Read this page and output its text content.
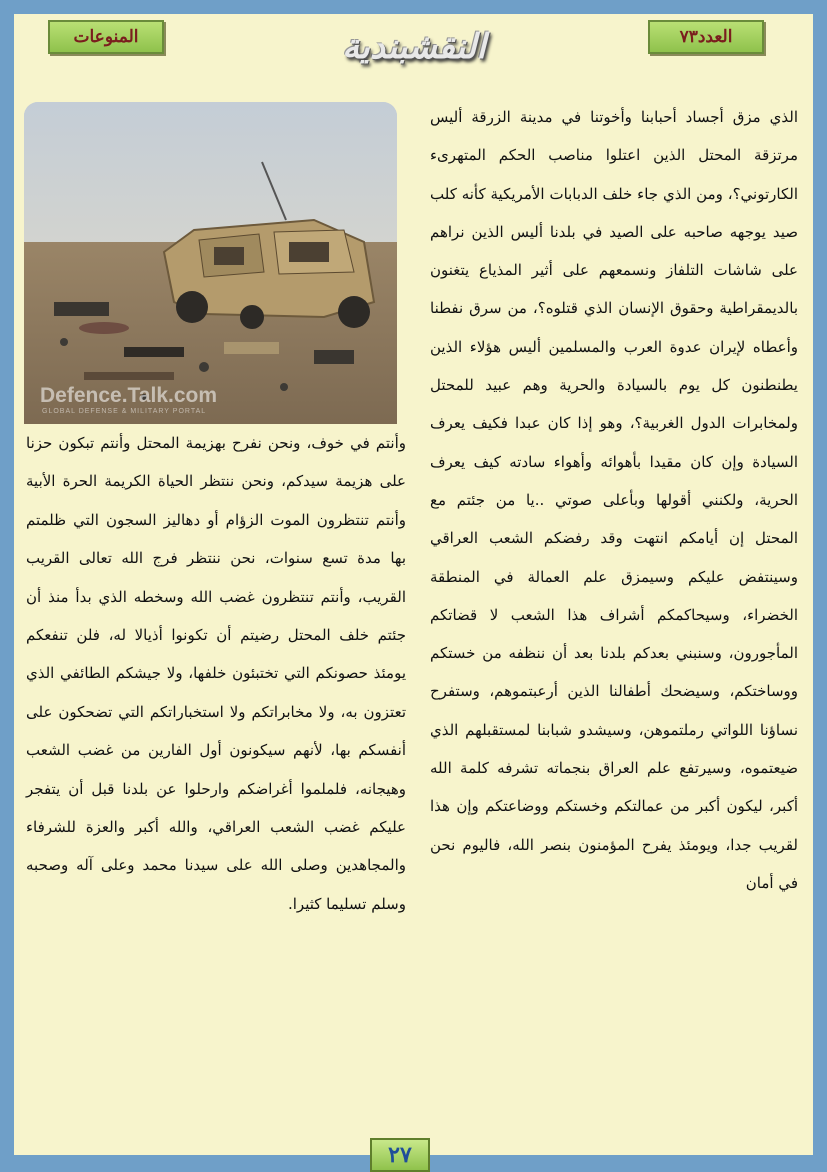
المنوعات	النقشبندية	العدد٧٣
Defence.Talk.com
GLOBAL DEFENSE & MILITARY PORTAL

الذي مزق أجساد أحبابنا وأخوتنا في مدينة الزرقة أليس مرتزقة المحتل الذين اعتلوا مناصب الحكم المتهرىء الكارتوني؟، ومن الذي جاء خلف الدبابات الأمريكية كأنه كلب صيد يوجهه صاحبه على الصيد في بلدنا أليس الذين نراهم على شاشات التلفاز ونسمعهم على أثير المذياع يتغنون بالديمقراطية وحقوق الإنسان الذي قتلوه؟، من سرق نفطنا وأعطاه لإيران عدوة العرب والمسلمين أليس هؤلاء الذين يطنطنون كل يوم بالسيادة والحرية وهم عبيد للمحتل ولمخابرات الدول الغربية؟، وهو إذا كان عبدا فكيف يعرف السيادة وإن كان مقيدا بأهوائه وأهواء سادته كيف يعرف الحرية، ولكنني أقولها وبأعلى صوتي ..يا من جئتم مع المحتل إن أيامكم انتهت وقد رفضكم الشعب العراقي وسينتفض عليكم وسيمزق علم العمالة في المنطقة الخضراء، وسيحاكمكم أشراف هذا الشعب لا قضاتكم المأجورون، وسنبني بعدكم بلدنا بعد أن ننظفه من خستكم ووساختكم، وسيضحك أطفالنا الذين أرعبتموهم، وستفرح نساؤنا اللواتي رملتموهن، وسيشدو شبابنا لمستقبلهم الذي ضيعتموه، وسيرتفع علم العراق بنجماته تشرفه كلمة الله أكبر، ليكون أكبر من عمالتكم وخستكم ووضاعتكم وإن هذا لقريب جدا، ويومئذ يفرح المؤمنون بنصر الله، فاليوم نحن في أمان

وأنتم في خوف، ونحن نفرح بهزيمة المحتل وأنتم تبكون حزنا على هزيمة سيدكم، ونحن ننتظر الحياة الكريمة الحرة الأبية وأنتم تنتظرون الموت الزؤام أو دهاليز السجون التي ظلمتم بها مدة تسع سنوات، نحن ننتظر فرج الله تعالى القريب القريب، وأنتم تنتظرون غضب الله وسخطه الذي بدأ منذ أن جئتم خلف المحتل رضيتم أن تكونوا أذيالا له، فلن تنفعكم يومئذ حصونكم التي تختبئون خلفها، ولا جيشكم الطائفي الذي تعتزون به، ولا مخابراتكم ولا استخباراتكم التي تضحكون على أنفسكم بها، لأنهم سيكونون أول الفارين من غضب الشعب وهيجانه، فلملموا أغراضكم وارحلوا عن بلدنا قبل أن يتفجر عليكم غضب الشعب العراقي، والله أكبر والعزة للشرفاء والمجاهدين وصلى الله على سيدنا محمد وعلى آله وصحبه وسلم تسليما كثيرا.

٢٧
